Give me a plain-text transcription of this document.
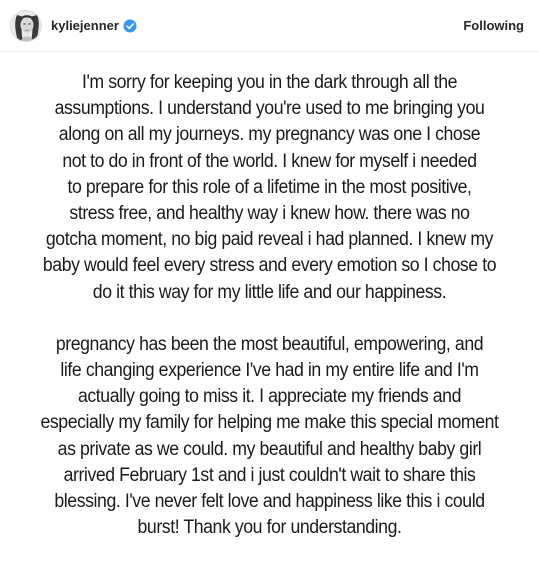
kyliejenner	Following
I'm sorry for keeping you in the dark through all the
assumptions. I understand you're used to me bringing you
along on all my journeys. my pregnancy was one I chose
not to do in front of the world. I knew for myself i needed
to prepare for this role of a lifetime in the most positive,
stress free, and healthy way i knew how. there was no
gotcha moment, no big paid reveal i had planned. I knew my
baby would feel every stress and every emotion so I chose to
do it this way for my little life and our happiness.
pregnancy has been the most beautiful, empowering, and
life changing experience I've had in my entire life and I'm
actually going to miss it. I appreciate my friends and
especially my family for helping me make this special moment
as private as we could. my beautiful and healthy baby girl
arrived February 1st and i just couldn't wait to share this
blessing. I've never felt love and happiness like this i could
burst! Thank you for understanding.
